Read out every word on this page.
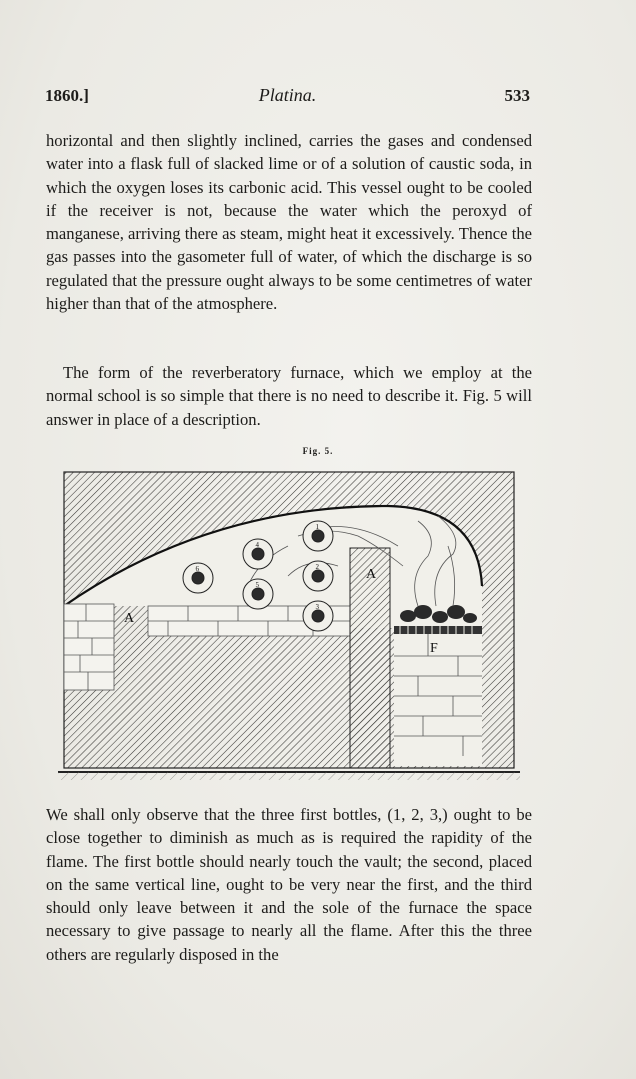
1860.]	Platina.	533

horizontal and then slightly inclined, carries the gases and condensed water into a flask full of slacked lime or of a solution of caustic soda, in which the oxygen loses its carbonic acid. This vessel ought to be cooled if the receiver is not, because the water which the peroxyd of manganese, arriving there as steam, might heat it excessively. Thence the gas passes into the gasometer full of water, of which the discharge is so regulated that the pressure ought always to be some centimetres of water higher than that of the atmosphere.

The form of the reverberatory furnace, which we employ at the normal school is so simple that there is no need to describe it. Fig. 5 will answer in place of a description.

Fig. 5.
A
A
F
1
2
3
4
5
6

We shall only observe that the three first bottles, (1, 2, 3,) ought to be close together to diminish as much as is required the rapidity of the flame. The first bottle should nearly touch the vault; the second, placed on the same vertical line, ought to be very near the first, and the third should only leave between it and the sole of the furnace the space necessary to give passage to nearly all the flame. After this the three others are regularly disposed in the
